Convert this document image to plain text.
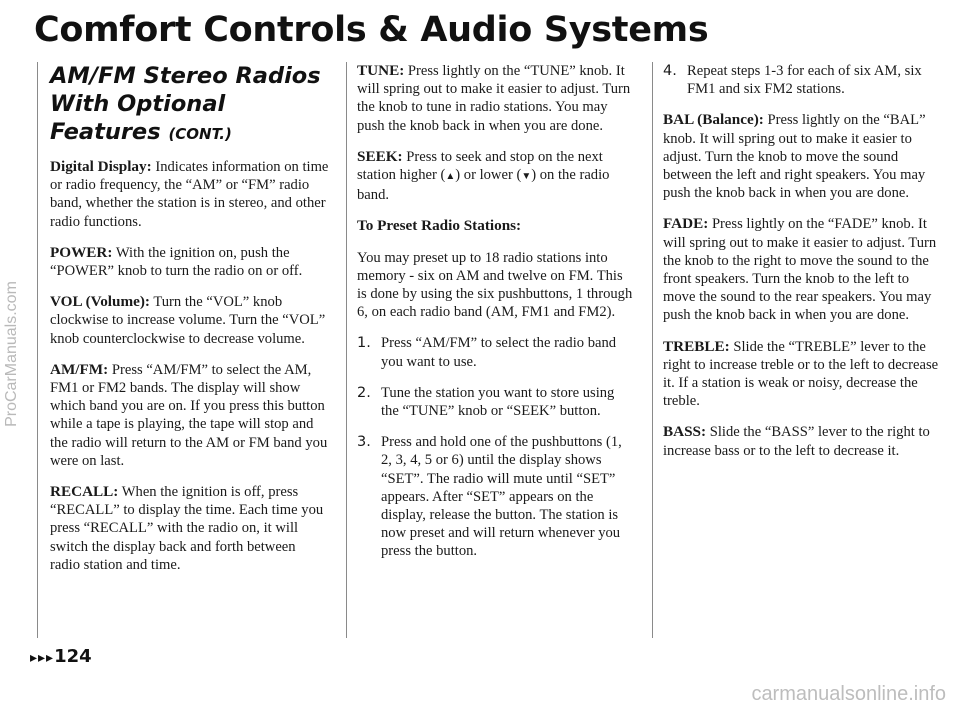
ProCarManuals.com
Comfort Controls & Audio Systems
AM/FM Stereo Radios With Optional Features (CONT.)

Digital Display: Indicates information on time or radio frequency, the “AM” or “FM” radio band, whether the station is in stereo, and other radio functions.

POWER: With the ignition on, push the “POWER” knob to turn the radio on or off.

VOL (Volume): Turn the “VOL” knob clockwise to increase volume. Turn the “VOL” knob counterclockwise to decrease volume.

AM/FM: Press “AM/FM” to select the AM, FM1 or FM2 bands. The display will show which band you are on. If you press this button while a tape is playing, the tape will stop and the radio will return to the AM or FM band you were on last.

RECALL: When the ignition is off, press “RECALL” to display the time. Each time you press “RECALL” with the radio on, it will switch the display back and forth between radio station and time.

TUNE: Press lightly on the “TUNE” knob. It will spring out to make it easier to adjust. Turn the knob to tune in radio stations. You may push the knob back in when you are done.

SEEK: Press to seek and stop on the next station higher (▲) or lower (▼) on the radio band.

To Preset Radio Stations:

You may preset up to 18 radio stations into memory - six on AM and twelve on FM. This is done by using the six pushbuttons, 1 through 6, on each radio band (AM, FM1 and FM2).

1. Press “AM/FM” to select the radio band you want to use.
2. Tune the station you want to store using the “TUNE” knob or “SEEK” button.
3. Press and hold one of the pushbuttons (1, 2, 3, 4, 5 or 6) until the display shows “SET”. The radio will mute until “SET” appears. After “SET” appears on the display, release the button. The station is now preset and will return whenever you press the button.
4. Repeat steps 1-3 for each of six AM, six FM1 and six FM2 stations.

BAL (Balance): Press lightly on the “BAL” knob. It will spring out to make it easier to adjust. Turn the knob to move the sound between the left and right speakers. You may push the knob back in when you are done.

FADE: Press lightly on the “FADE” knob. It will spring out to make it easier to adjust. Turn the knob to the right to move the sound to the front speakers. Turn the knob to the left to move the sound to the rear speakers. You may push the knob back in when you are done.

TREBLE: Slide the “TREBLE” lever to the right to increase treble or to the left to decrease it. If a station is weak or noisy, decrease the treble.

BASS: Slide the “BASS” lever to the right to increase bass or to the left to decrease it.

▸▸▸124
carmanualsonline.info
